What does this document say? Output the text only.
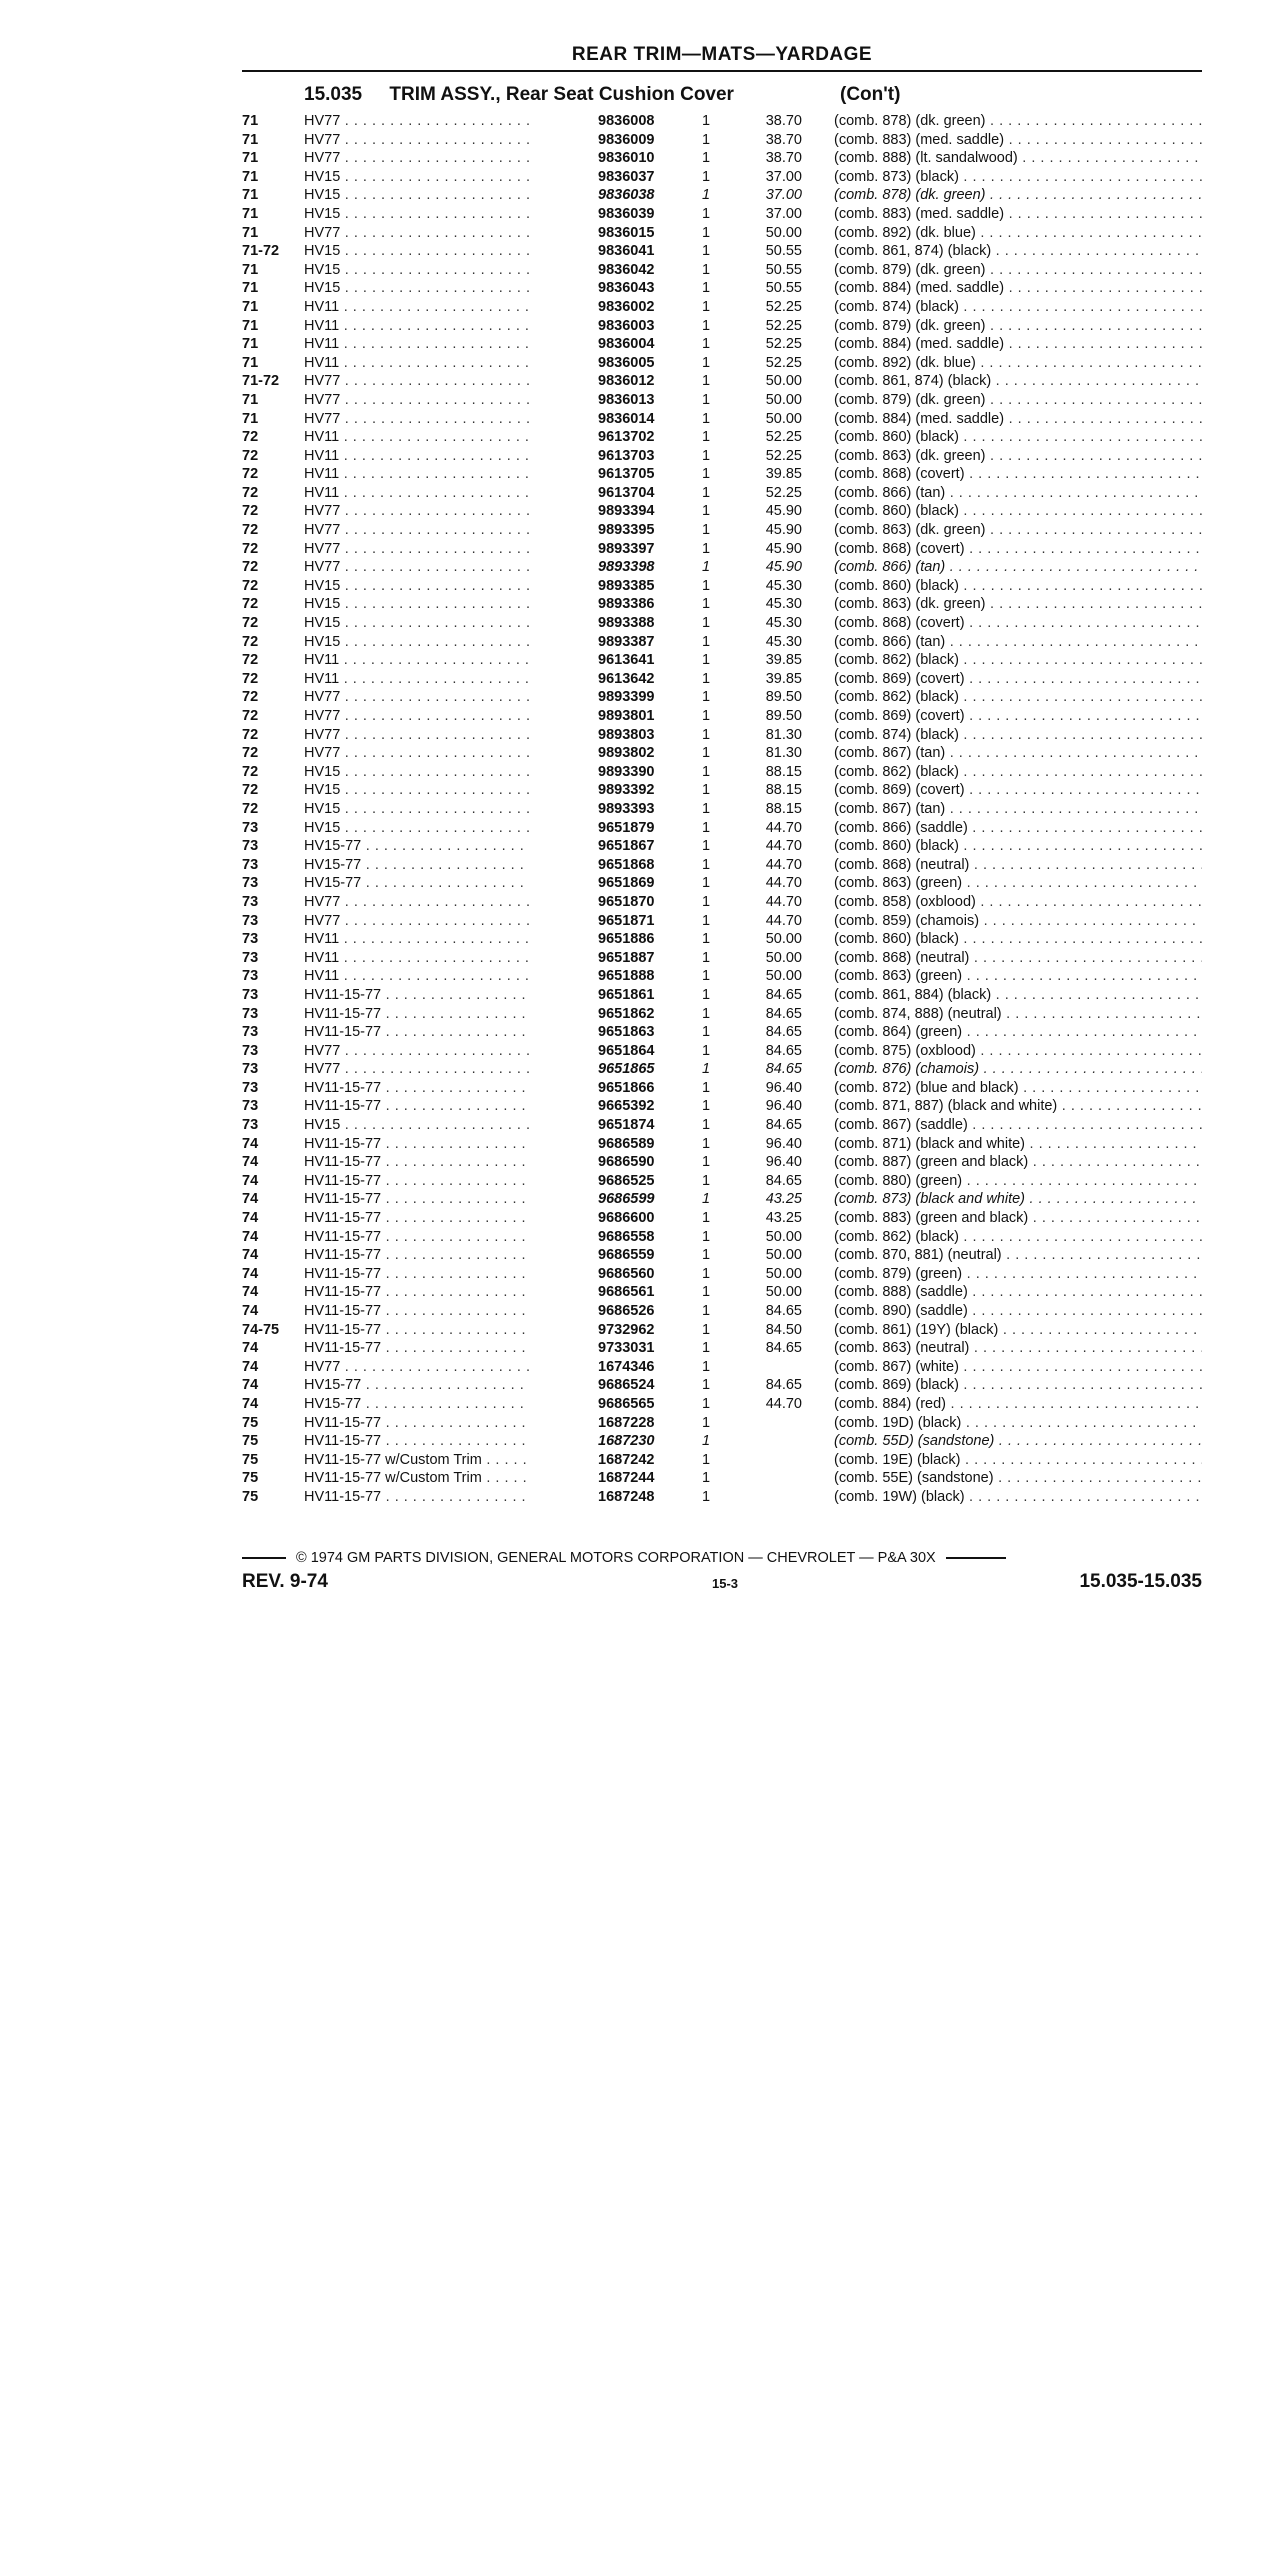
REAR TRIM—MATS—YARDAGE
15.035 TRIM ASSY., Rear Seat Cushion Cover	(Con't)
71	HV77 . . .	9836008	1	38.70 (comb. 878) (dk. green) . . .
71	HV77 . . .	9836009	1	38.70 (comb. 883) (med. saddle) . . .
71	HV77 . . .	9836010	1	38.70 (comb. 888) (lt. sandalwood) . . .
71	HV15 . . .	9836037	1	37.00 (comb. 873) (black) . . .
71	HV15 . . .	9836038	1	37.00 (comb. 878) (dk. green) . . .
71	HV15 . . .	9836039	1	37.00 (comb. 883) (med. saddle) . . .
71	HV77 . . .	9836015	1	50.00 (comb. 892) (dk. blue) . . .
71-72	HV15 . . .	9836041	1	50.55 (comb. 861, 874) (black) . . .
71	HV15 . . .	9836042	1	50.55 (comb. 879) (dk. green) . . .
71	HV15 . . .	9836043	1	50.55 (comb. 884) (med. saddle) . . .
71	HV11 . . .	9836002	1	52.25 (comb. 874) (black) . . .
71	HV11 . . .	9836003	1	52.25 (comb. 879) (dk. green) . . .
71	HV11 . . .	9836004	1	52.25 (comb. 884) (med. saddle) . . .
71	HV11 . . .	9836005	1	52.25 (comb. 892) (dk. blue) . . .
71-72	HV77 . . .	9836012	1	50.00 (comb. 861, 874) (black) . . .
71	HV77 . . .	9836013	1	50.00 (comb. 879) (dk. green) . . .
71	HV77 . . .	9836014	1	50.00 (comb. 884) (med. saddle) . . .
72	HV11 . . .	9613702	1	52.25 (comb. 860) (black) . . .
72	HV11 . . .	9613703	1	52.25 (comb. 863) (dk. green) . . .
72	HV11 . . .	9613705	1	39.85 (comb. 868) (covert) . . .
72	HV11 . . .	9613704	1	52.25 (comb. 866) (tan) . . .
72	HV77 . . .	9893394	1	45.90 (comb. 860) (black) . . .
72	HV77 . . .	9893395	1	45.90 (comb. 863) (dk. green) . . .
72	HV77 . . .	9893397	1	45.90 (comb. 868) (covert) . . .
72	HV77 . . .	9893398	1	45.90 (comb. 866) (tan) . . .
72	HV15 . . .	9893385	1	45.30 (comb. 860) (black) . . .
72	HV15 . . .	9893386	1	45.30 (comb. 863) (dk. green) . . .
72	HV15 . . .	9893388	1	45.30 (comb. 868) (covert) . . .
72	HV15 . . .	9893387	1	45.30 (comb. 866) (tan) . . .
72	HV11 . . .	9613641	1	39.85 (comb. 862) (black) . . .
72	HV11 . . .	9613642	1	39.85 (comb. 869) (covert) . . .
72	HV77 . . .	9893399	1	89.50 (comb. 862) (black) . . .
72	HV77 . . .	9893801	1	89.50 (comb. 869) (covert) . . .
72	HV77 . . .	9893803	1	81.30 (comb. 874) (black) . . .
72	HV77 . . .	9893802	1	81.30 (comb. 867) (tan) . . .
72	HV15 . . .	9893390	1	88.15 (comb. 862) (black) . . .
72	HV15 . . .	9893392	1	88.15 (comb. 869) (covert) . . .
72	HV15 . . .	9893393	1	88.15 (comb. 867) (tan) . . .
73	HV15 . . .	9651879	1	44.70 (comb. 866) (saddle) . . .
73	HV15-77 . . .	9651867	1	44.70 (comb. 860) (black) . . .
73	HV15-77 . . .	9651868	1	44.70 (comb. 868) (neutral) . . .
73	HV15-77 . . .	9651869	1	44.70 (comb. 863) (green) . . .
73	HV77 . . .	9651870	1	44.70 (comb. 858) (oxblood) . . .
73	HV77 . . .	9651871	1	44.70 (comb. 859) (chamois) . . .
73	HV11 . . .	9651886	1	50.00 (comb. 860) (black) . . .
73	HV11 . . .	9651887	1	50.00 (comb. 868) (neutral) . . .
73	HV11 . . .	9651888	1	50.00 (comb. 863) (green) . . .
73	HV11-15-77 . . .	9651861	1	84.65 (comb. 861, 884) (black) . . .
73	HV11-15-77 . . .	9651862	1	84.65 (comb. 874, 888) (neutral) . . .
73	HV11-15-77 . . .	9651863	1	84.65 (comb. 864) (green) . . .
73	HV77 . . .	9651864	1	84.65 (comb. 875) (oxblood) . . .
73	HV77 . . .	9651865	1	84.65 (comb. 876) (chamois) . . .
73	HV11-15-77 . . .	9651866	1	96.40 (comb. 872) (blue and black) . . .
73	HV11-15-77 . . .	9665392	1	96.40 (comb. 871, 887) (black and white) . . .
73	HV15 . . .	9651874	1	84.65 (comb. 867) (saddle) . . .
74	HV11-15-77 . . .	9686589	1	96.40 (comb. 871) (black and white) . . .
74	HV11-15-77 . . .	9686590	1	96.40 (comb. 887) (green and black) . . .
74	HV11-15-77 . . .	9686525	1	84.65 (comb. 880) (green) . . .
74	HV11-15-77 . . .	9686599	1	43.25 (comb. 873) (black and white) . . .
74	HV11-15-77 . . .	9686600	1	43.25 (comb. 883) (green and black) . . .
74	HV11-15-77 . . .	9686558	1	50.00 (comb. 862) (black) . . .
74	HV11-15-77 . . .	9686559	1	50.00 (comb. 870, 881) (neutral) . . .
74	HV11-15-77 . . .	9686560	1	50.00 (comb. 879) (green) . . .
74	HV11-15-77 . . .	9686561	1	50.00 (comb. 888) (saddle) . . .
74	HV11-15-77 . . .	9686526	1	84.65 (comb. 890) (saddle) . . .
74-75	HV11-15-77 . . .	9732962	1	84.50 (comb. 861) (19Y) (black) . . .
74	HV11-15-77 . . .	9733031	1	84.65 (comb. 863) (neutral) . . .
74	HV77 . . .	1674346	1	(comb. 867) (white) . . .
74	HV15-77 . . .	9686524	1	84.65 (comb. 869) (black) . . .
74	HV15-77 . . .	9686565	1	44.70 (comb. 884) (red) . . .
75	HV11-15-77 . . .	1687228	1	(comb. 19D) (black) . . .
75	HV11-15-77 . . .	1687230	1	(comb. 55D) (sandstone) . . .
75	HV11-15-77 w/Custom Trim . . .	1687242	1	(comb. 19E) (black) . . .
75	HV11-15-77 w/Custom Trim . . .	1687244	1	(comb. 55E) (sandstone) . . .
75	HV11-15-77 . . .	1687248	1	(comb. 19W) (black) . . .
© 1974 GM PARTS DIVISION, GENERAL MOTORS CORPORATION — CHEVROLET — P&A 30X
REV. 9-74	15-3	15.035-15.035
